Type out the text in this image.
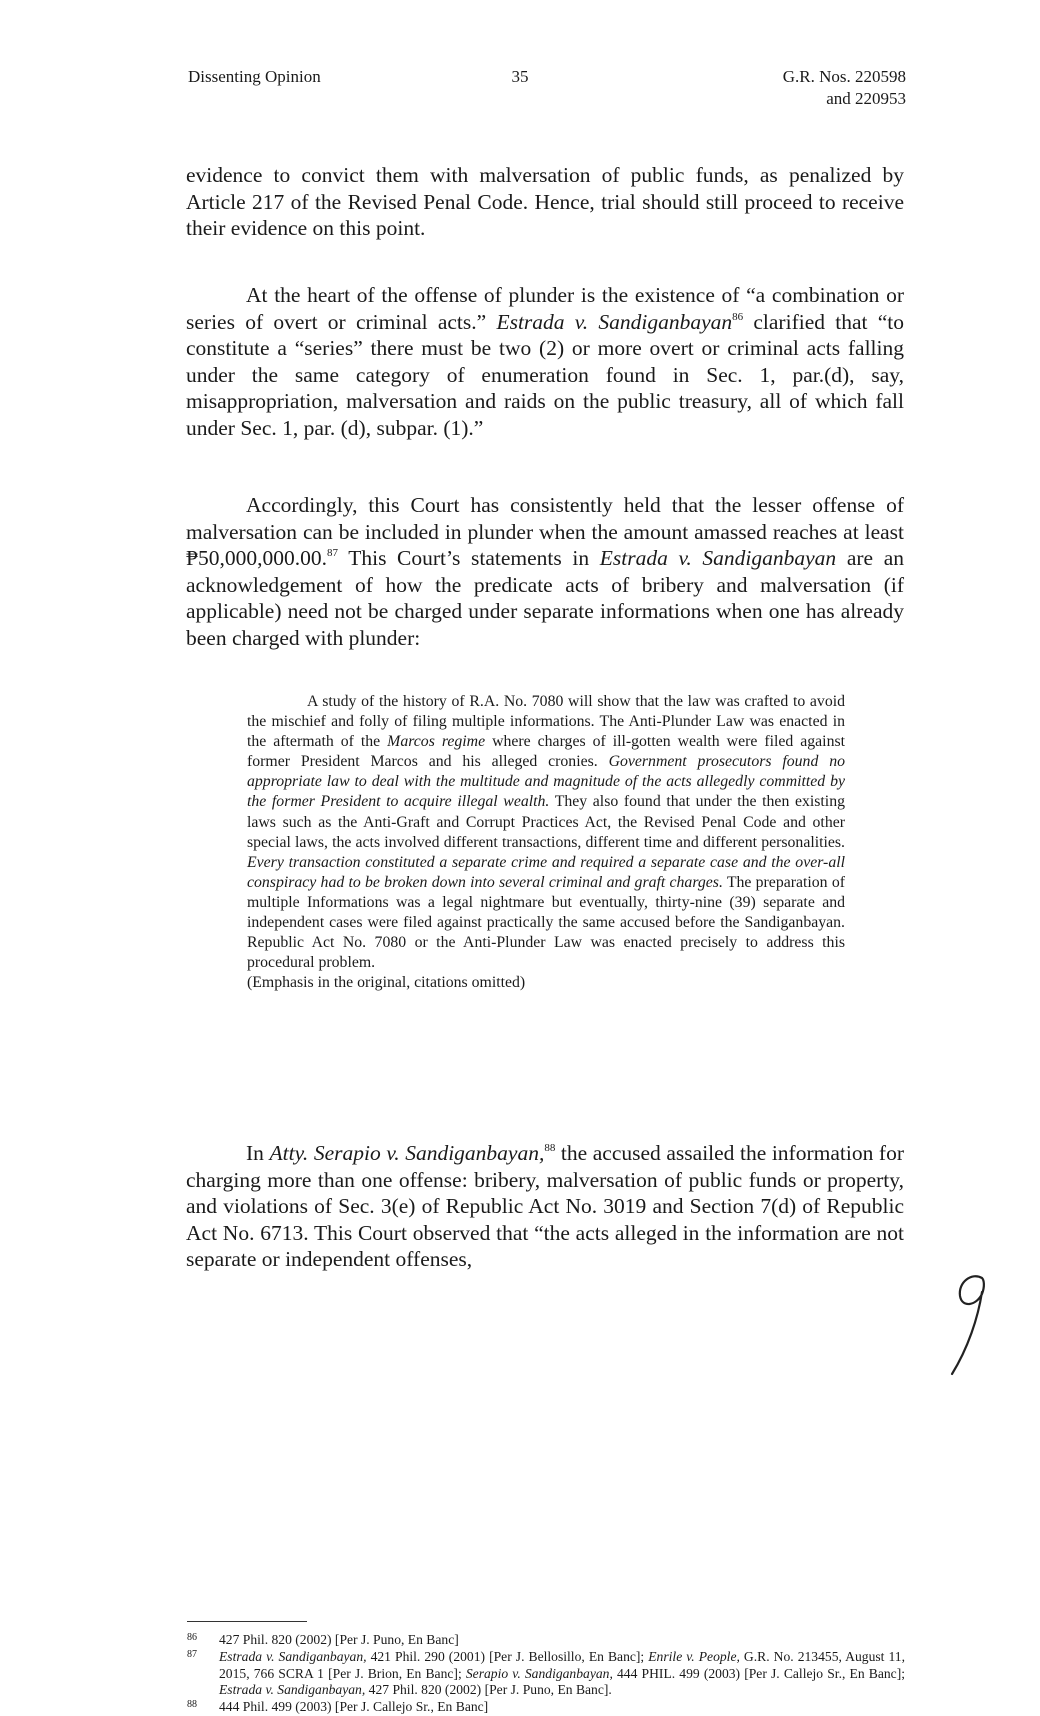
Dissenting Opinion	35	G.R. Nos. 220598
and 220953

evidence to convict them with malversation of public funds, as penalized by Article 217 of the Revised Penal Code. Hence, trial should still proceed to receive their evidence on this point.

At the heart of the offense of plunder is the existence of “a combination or series of overt or criminal acts.” Estrada v. Sandiganbayan$^{86}$ clarified that “to constitute a “series” there must be two (2) or more overt or criminal acts falling under the same category of enumeration found in Sec. 1, par.(d), say, misappropriation, malversation and raids on the public treasury, all of which fall under Sec. 1, par. (d), subpar. (1).”

Accordingly, this Court has consistently held that the lesser offense of malversation can be included in plunder when the amount amassed reaches at least ₱50,000,000.00.87 This Court’s statements in Estrada v. Sandiganbayan are an acknowledgement of how the predicate acts of bribery and malversation (if applicable) need not be charged under separate informations when one has already been charged with plunder:

A study of the history of R.A. No. 7080 will show that the law was crafted to avoid the mischief and folly of filing multiple informations. The Anti-Plunder Law was enacted in the aftermath of the Marcos regime where charges of ill-gotten wealth were filed against former President Marcos and his alleged cronies. Government prosecutors found no appropriate law to deal with the multitude and magnitude of the acts allegedly committed by the former President to acquire illegal wealth. They also found that under the then existing laws such as the Anti-Graft and Corrupt Practices Act, the Revised Penal Code and other special laws, the acts involved different transactions, different time and different personalities. Every transaction constituted a separate crime and required a separate case and the over-all conspiracy had to be broken down into several criminal and graft charges. The preparation of multiple Informations was a legal nightmare but eventually, thirty-nine (39) separate and independent cases were filed against practically the same accused before the Sandiganbayan. Republic Act No. 7080 or the Anti-Plunder Law was enacted precisely to address this procedural problem.

(Emphasis in the original, citations omitted)

In Atty. Serapio v. Sandiganbayan,$^{88}$ the accused assailed the information for charging more than one offense: bribery, malversation of public funds or property, and violations of Sec. 3(e) of Republic Act No. 3019 and Section 7(d) of Republic Act No. 6713. This Court observed that “the acts alleged in the information are not separate or independent offenses,

86 427 Phil. 820 (2002) [Per J. Puno, En Banc]
87 Estrada v. Sandiganbayan, 421 Phil. 290 (2001) [Per J. Bellosillo, En Banc]; Enrile v. People, G.R. No. 213455, August 11, 2015, 766 SCRA 1 [Per J. Brion, En Banc]; Serapio v. Sandiganbayan, 444 PHIL. 499 (2003) [Per J. Callejo Sr., En Banc]; Estrada v. Sandiganbayan, 427 Phil. 820 (2002) [Per J. Puno, En Banc].
88 444 Phil. 499 (2003) [Per J. Callejo Sr., En Banc]
